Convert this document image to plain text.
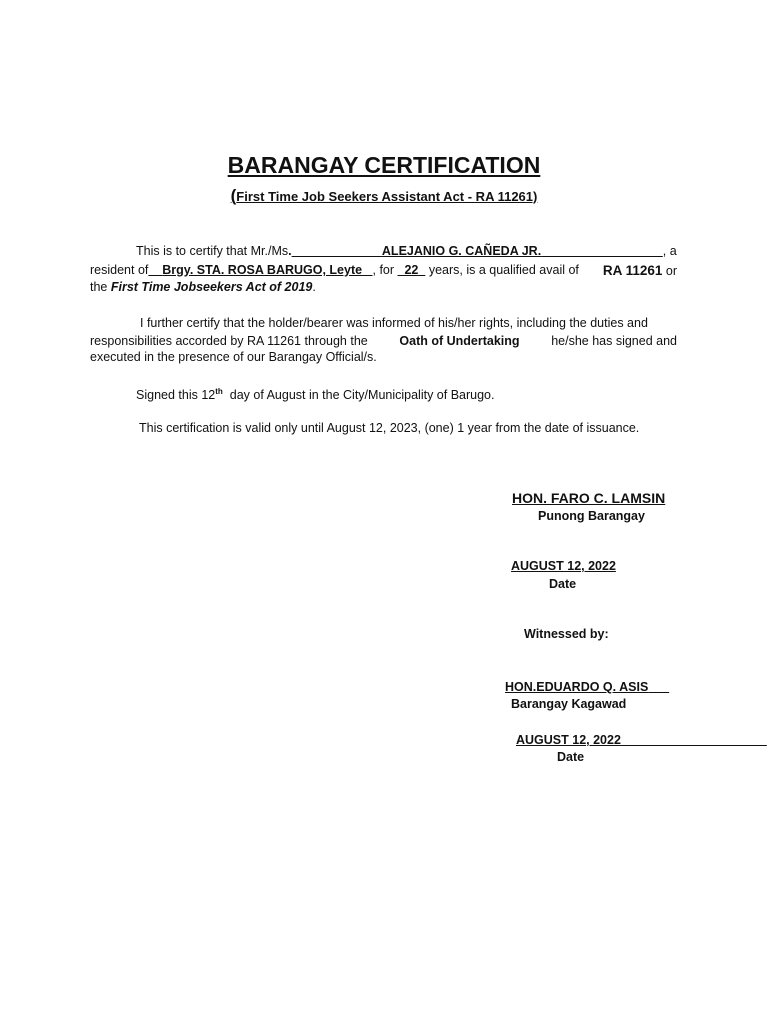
BARANGAY CERTIFICATION
(First Time Job Seekers Assistant Act - RA 11261)
This is to certify that Mr./Ms.	ALEJANIO G. CAÑEDA JR.	, a
resident of Brgy. STA. ROSA BARUGO, Leyte , for 22   years, is a qualified avail of RA 11261 or
the First Time Jobseekers Act of 2019.
I further certify that the holder/bearer was informed of his/her rights, including the duties and
responsibilities accorded by RA 11261 through the	Oath of Undertaking	he/she has signed and
executed in the presence of our Barangay Official/s.
Signed this 12th day of August in the City/Municipality of Barugo.
This certification is valid only until August 12, 2023, (one) 1 year from the date of issuance.
HON. FARO C. LAMSIN
Punong Barangay
AUGUST 12, 2022
Date
Witnessed by:
HON.EDUARDO Q. ASIS
Barangay Kagawad
AUGUST 12, 2022
Date
